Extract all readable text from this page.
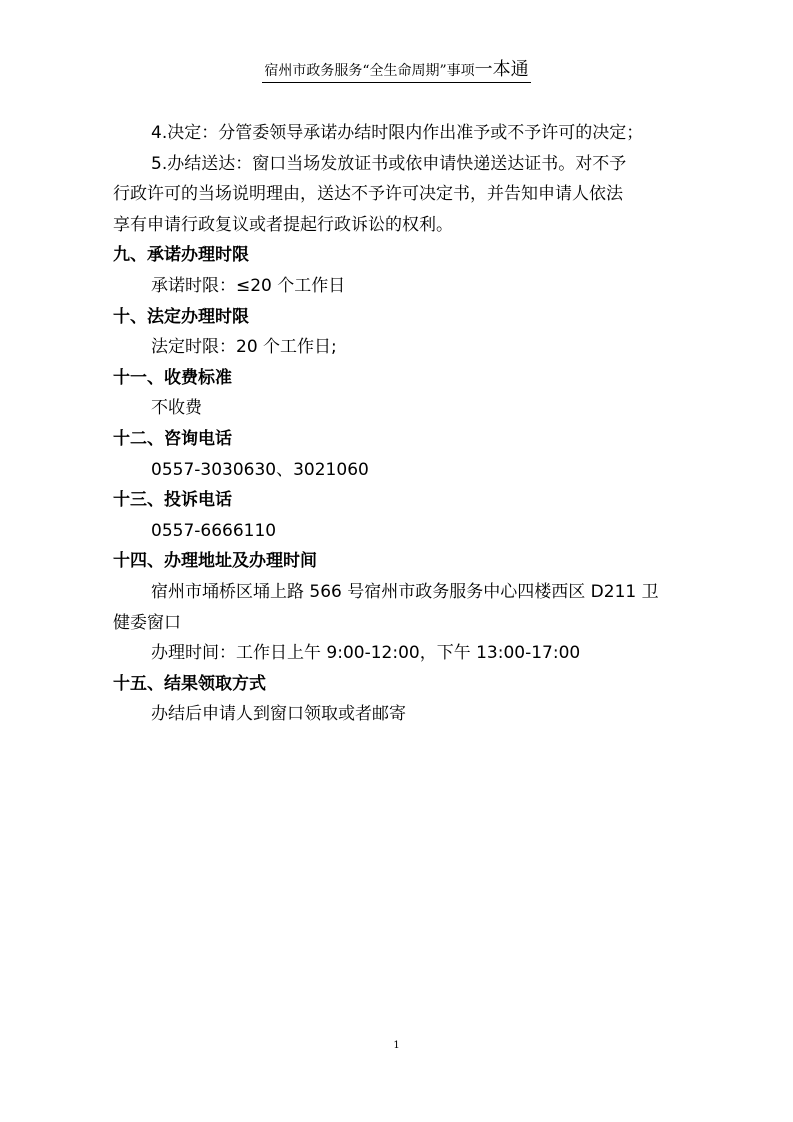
宿州市政务服务“全生命周期”事项一本通

4.决定：分管委领导承诺办结时限内作出准予或不予许可的决定；

5.办结送达：窗口当场发放证书或依申请快递送达证书。对不予

行政许可的当场说明理由，送达不予许可决定书，并告知申请人依法

享有申请行政复议或者提起行政诉讼的权利。

九、承诺办理时限

承诺时限：≤20 个工作日

十、法定办理时限

法定时限：20 个工作日;

十一、收费标准

不收费

十二、咨询电话

0557-3030630、3021060

十三、投诉电话

0557-6666110

十四、办理地址及办理时间

宿州市埇桥区埇上路 566 号宿州市政务服务中心四楼西区 D211 卫

健委窗口

办理时间：工作日上午 9:00-12:00，下午 13:00-17:00

十五、结果领取方式

办结后申请人到窗口领取或者邮寄

1
